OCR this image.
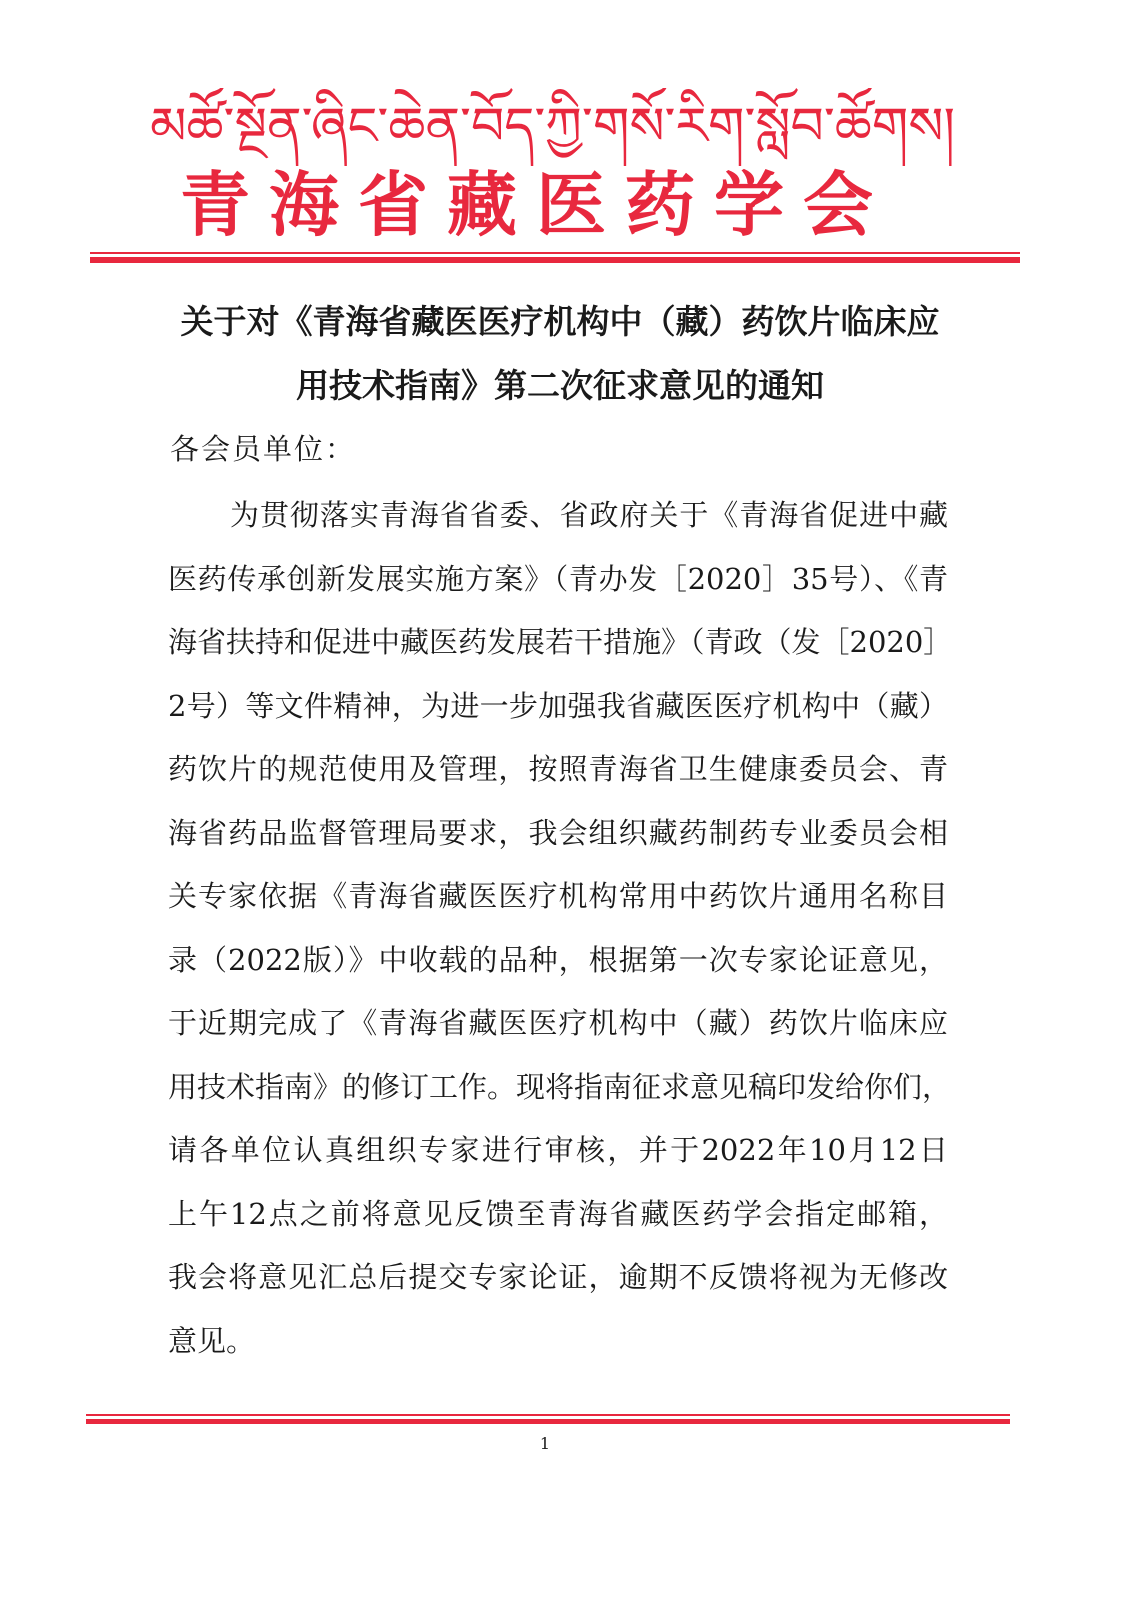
མཚོ་སྔོན་ཞིང་ཆེན་བོད་ཀྱི་གསོ་རིག་སློབ་ཚོགས།
青海省藏医药学会
关于对《青海省藏医医疗机构中（藏）药饮片临床应
用技术指南》第二次征求意见的通知
各会员单位：
为贯彻落实青海省省委、省政府关于《青海省促进中藏
医药传承创新发展实施方案》（青办发［2020］35号）、《青
海省扶持和促进中藏医药发展若干措施》（青政（发［2020］
2号）等文件精神，为进一步加强我省藏医医疗机构中（藏）
药饮片的规范使用及管理，按照青海省卫生健康委员会、青
海省药品监督管理局要求，我会组织藏药制药专业委员会相
关专家依据《青海省藏医医疗机构常用中药饮片通用名称目
录（2022版）》中收载的品种，根据第一次专家论证意见，
于近期完成了《青海省藏医医疗机构中（藏）药饮片临床应
用技术指南》的修订工作。现将指南征求意见稿印发给你们，
请各单位认真组织专家进行审核，并于2022年10月12日
上午12点之前将意见反馈至青海省藏医药学会指定邮箱，
我会将意见汇总后提交专家论证，逾期不反馈将视为无修改
意见。
1
